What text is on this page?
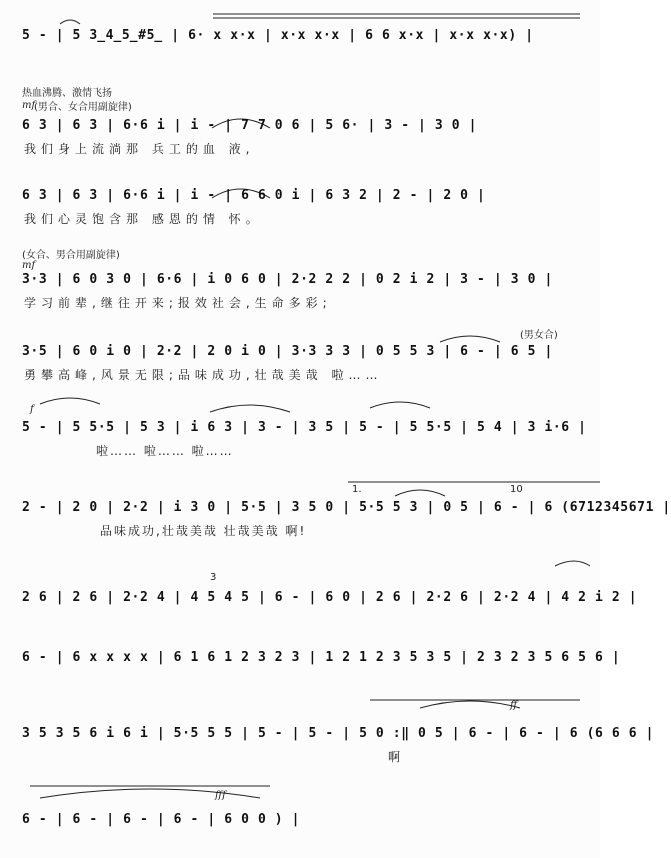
5 - | 5 3̲4̲5̲#5̲ | 6· x x·x | x·x x·x | 6 6 x·x | x·x x·x) |
热血沸腾、激情飞扬
(男合、女合用副旋律)
mf
6 3 | 6 3 | 6·6 i | i - | 7 7 0 6 | 5 6· | 3 - | 3 0 |
我们身上流淌那 兵工的血 液,
6 3 | 6 3 | 6·6 i | i - | 6 6 0 i | 6 3 2 | 2 - | 2 0 |
我们心灵饱含那 感恩的情 怀。
(女合、男合用副旋律)
mf
3·3 | 6 0 3 0 | 6·6 | i 0 6 0 | 2·2 2 2 | 0 2 i 2 | 3 - | 3 0 |
学习前辈,继往开来;报效社会,生命多彩;
(男女合)
3·5 | 6 0 i 0 | 2·2 | 2 0 i 0 | 3·3 3 3 | 0 5 5 3 | 6 - | 6 5 |
勇攀高峰,风景无限;品味成功,壮哉美哉 啦……
f
5 - | 5 5·5 | 5 3 | i 6 3 | 3 - | 3 5 | 5 - | 5 5·5 | 5 4 | 3 i·6 |
啦…… 啦…… 啦……
1.	10
2 - | 2 0 | 2·2 | i 3 0 | 5·5 | 3 5 0 | 5·5 5 3 | 0 5 | 6 - | 6 (6712345671 |
品味成功,壮哉美哉 壮哉美哉 啊!
3
2 6 | 2 6 | 2·2 4 | 4 5 4 5 | 6 - | 6 0 | 2 6 | 2·2 6 | 2·2 4 | 4 2 i 2 |
6 - | 6 x x x x | 6 1 6 1 2 3 2 3 | 1 2 1 2 3 5 3 5 | 2 3 2 3 5 6 5 6 |
ff
3 5 3 5 6 i 6 i | 5·5 5 5 | 5 - | 5 - | 5 0 :‖ 0 5 | 6 - | 6 - | 6 (6 6 6 |
啊
fff
6 - | 6 - | 6 - | 6 - | 6 0 0 ) |
